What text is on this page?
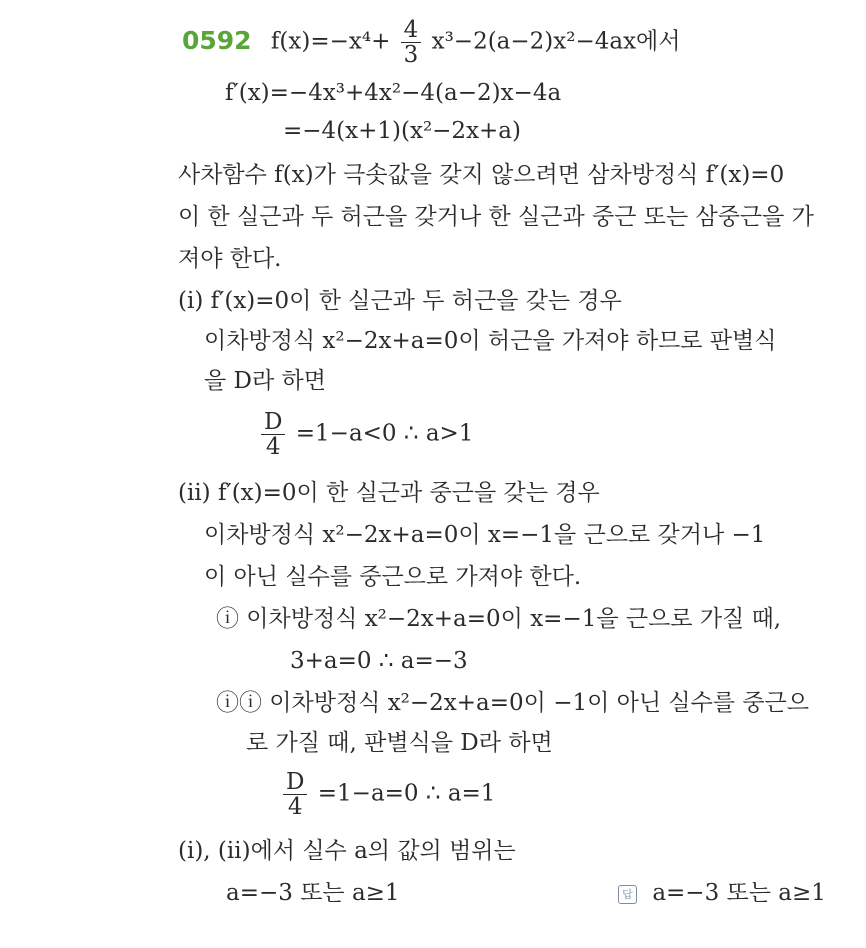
0592 $f(x)=-x^4+ \frac{4}{3} x^3-2(a-2)x^2-4ax$에서
f′(x)=−4x³+4x²−4(a−2)x−4a
=−4(x+1)(x²−2x+a)
사차함수 f(x)가 극솟값을 갖지 않으려면 삼차방정식 f′(x)=0
이 한 실근과 두 허근을 갖거나 한 실근과 중근 또는 삼중근을 가
져야 한다.
(ⅰ) f′(x)=0이 한 실근과 두 허근을 갖는 경우
이차방정식 x²−2x+a=0이 허근을 가져야 하므로 판별식
을 D라 하면
$\frac{D}{4} =1-a<0$ ∴ a>1
(ⅱ) f′(x)=0이 한 실근과 중근을 갖는 경우
이차방정식 x²−2x+a=0이 x=−1을 근으로 갖거나 −1
이 아닌 실수를 중근으로 가져야 한다.
ⓘ 이차방정식 x²−2x+a=0이 x=−1을 근으로 가질 때,
3+a=0 ∴ a=−3
ⓘⓘ 이차방정식 x²−2x+a=0이 −1이 아닌 실수를 중근으
로 가질 때, 판별식을 D라 하면
$\frac{D}{4} =1-a=0$ ∴ a=1
(ⅰ), (ⅱ)에서 실수 a의 값의 범위는
a=−3 또는 a≥1	답 a=−3 또는 a≥1
